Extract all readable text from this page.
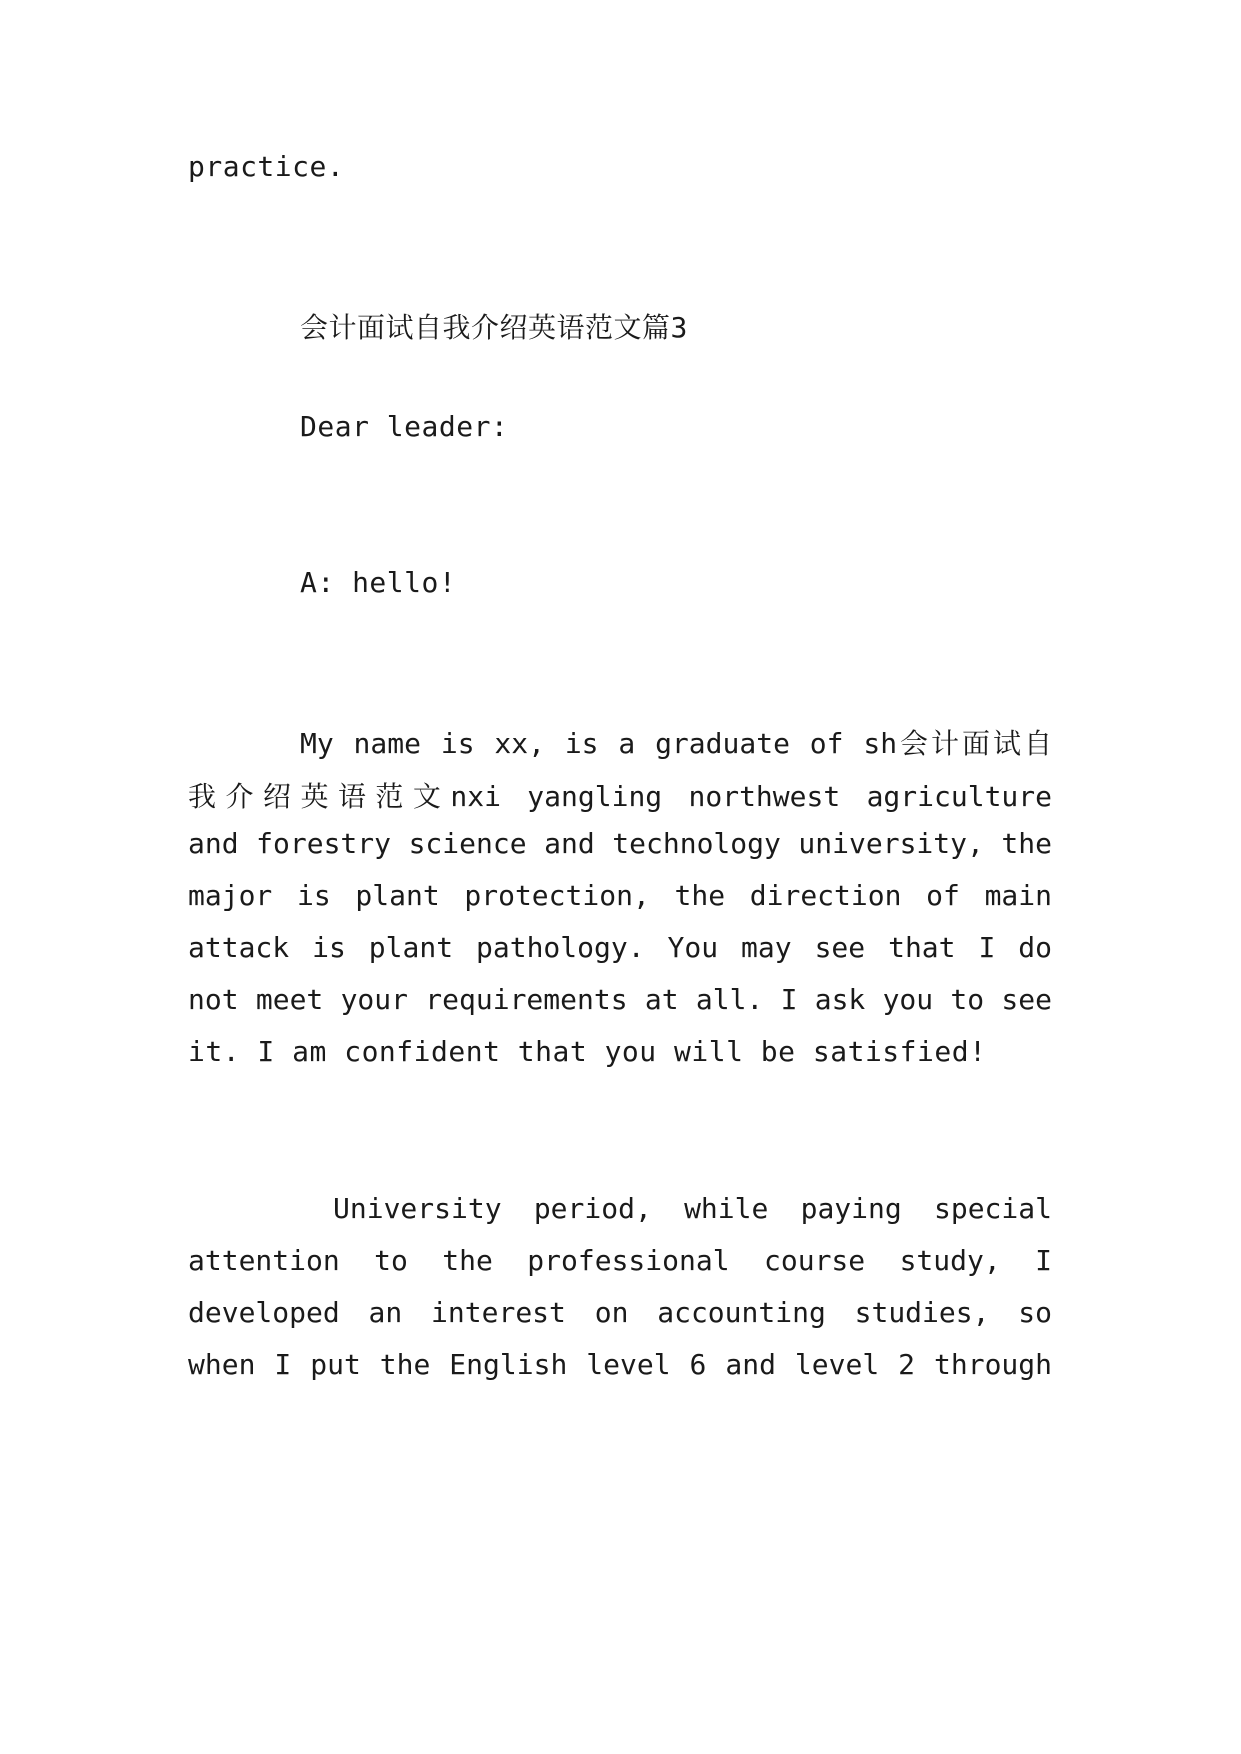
practice.
会计面试自我介绍英语范文篇3
Dear leader:
A: hello!
My name is xx, is a graduate of sh会计面试自
我介绍英语范文nxi yangling northwest agriculture
and forestry science and technology university, the
major is plant protection, the direction of main
attack is plant pathology. You may see that I do
not meet your requirements at all. I ask you to see
it. I am confident that you will be satisfied!
University period, while paying special
attention to the professional course study, I
developed an interest on accounting studies, so
when I put the English level 6 and level 2 through
